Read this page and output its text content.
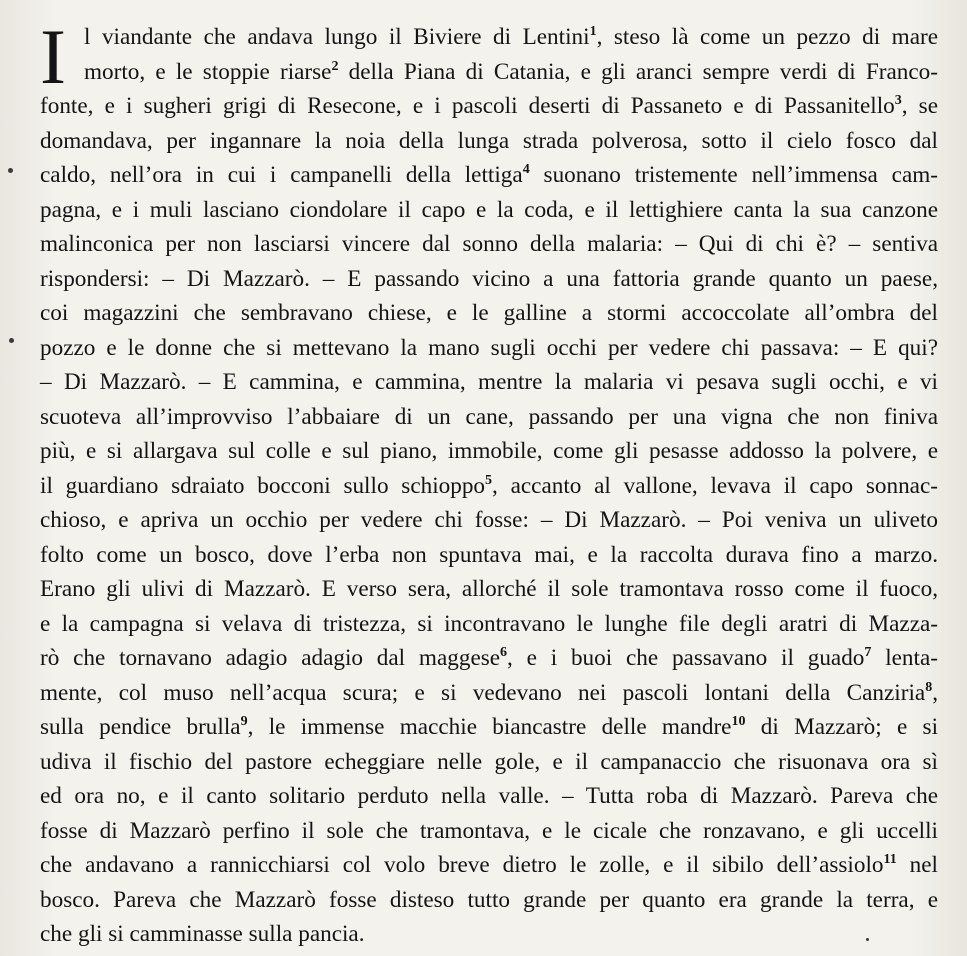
I l viandante che andava lungo il Biviere di Lentini$^1$, steso là come un pezzo di mare
morto, e le stoppie riarse$^2$ della Piana di Catania, e gli aranci sempre verdi di Franco-
fonte, e i sugheri grigi di Resecone, e i pascoli deserti di Passaneto e di Passanitello$^3$, se
domandava, per ingannare la noia della lunga strada polverosa, sotto il cielo fosco dal
caldo, nell’ora in cui i campanelli della lettiga$^4$ suonano tristemente nell’immensa cam-
pagna, e i muli lasciano ciondolare il capo e la coda, e il lettighiere canta la sua canzone
malinconica per non lasciarsi vincere dal sonno della malaria: – Qui di chi è? – sentiva
rispondersi: – Di Mazzarò. – E passando vicino a una fattoria grande quanto un paese,
coi magazzini che sembravano chiese, e le galline a stormi accoccolate all’ombra del
pozzo e le donne che si mettevano la mano sugli occhi per vedere chi passava: – E qui?
– Di Mazzarò. – E cammina, e cammina, mentre la malaria vi pesava sugli occhi, e vi
scuoteva all’improvviso l’abbaiare di un cane, passando per una vigna che non finiva
più, e si allargava sul colle e sul piano, immobile, come gli pesasse addosso la polvere, e
il guardiano sdraiato bocconi sullo schioppo$^5$, accanto al vallone, levava il capo sonnac-
chioso, e apriva un occhio per vedere chi fosse: – Di Mazzarò. – Poi veniva un uliveto
folto come un bosco, dove l’erba non spuntava mai, e la raccolta durava fino a marzo.
Erano gli ulivi di Mazzarò. E verso sera, allorché il sole tramontava rosso come il fuoco,
e la campagna si velava di tristezza, si incontravano le lunghe file degli aratri di Mazza-
rò che tornavano adagio adagio dal maggese$^6$, e i buoi che passavano il guado$^7$ lenta-
mente, col muso nell’acqua scura; e si vedevano nei pascoli lontani della Canziria$^8$,
sulla pendice brulla$^9$, le immense macchie biancastre delle mandre$^{10}$ di Mazzarò; e si
udiva il fischio del pastore echeggiare nelle gole, e il campanaccio che risuonava ora sì
ed ora no, e il canto solitario perduto nella valle. – Tutta roba di Mazzarò. Pareva che
fosse di Mazzarò perfino il sole che tramontava, e le cicale che ronzavano, e gli uccelli
che andavano a rannicchiarsi col volo breve dietro le zolle, e il sibilo dell’assiolo$^{11}$ nel
bosco. Pareva che Mazzarò fosse disteso tutto grande per quanto era grande la terra, e
che gli si camminasse sulla pancia.
